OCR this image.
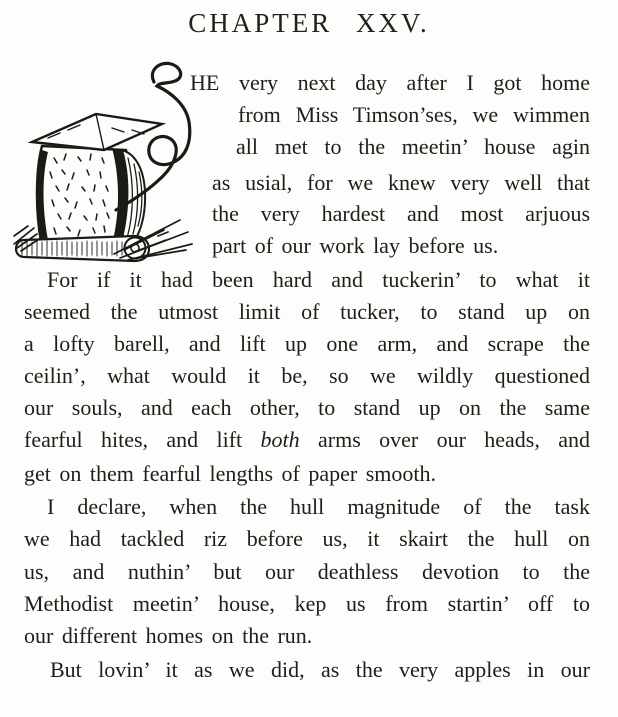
CHAPTER XXV.
HE very next day after I got home
from Miss Timson’ses, we wimmen
all met to the meetin’ house agin
as usial, for we knew very well that
the very hardest and most arjuous
part of our work lay before us.
For if it had been hard and tuckerin’ to what it
seemed the utmost limit of tucker, to stand up on
a lofty barell, and lift up one arm, and scrape the
ceilin’, what would it be, so we wildly questioned
our souls, and each other, to stand up on the same
fearful hites, and lift both arms over our heads, and
get on them fearful lengths of paper smooth.
I declare, when the hull magnitude of the task
we had tackled riz before us, it skairt the hull on
us, and nuthin’ but our deathless devotion to the
Methodist meetin’ house, kep us from startin’ off to
our different homes on the run.
But lovin’ it as we did, as the very apples in our
